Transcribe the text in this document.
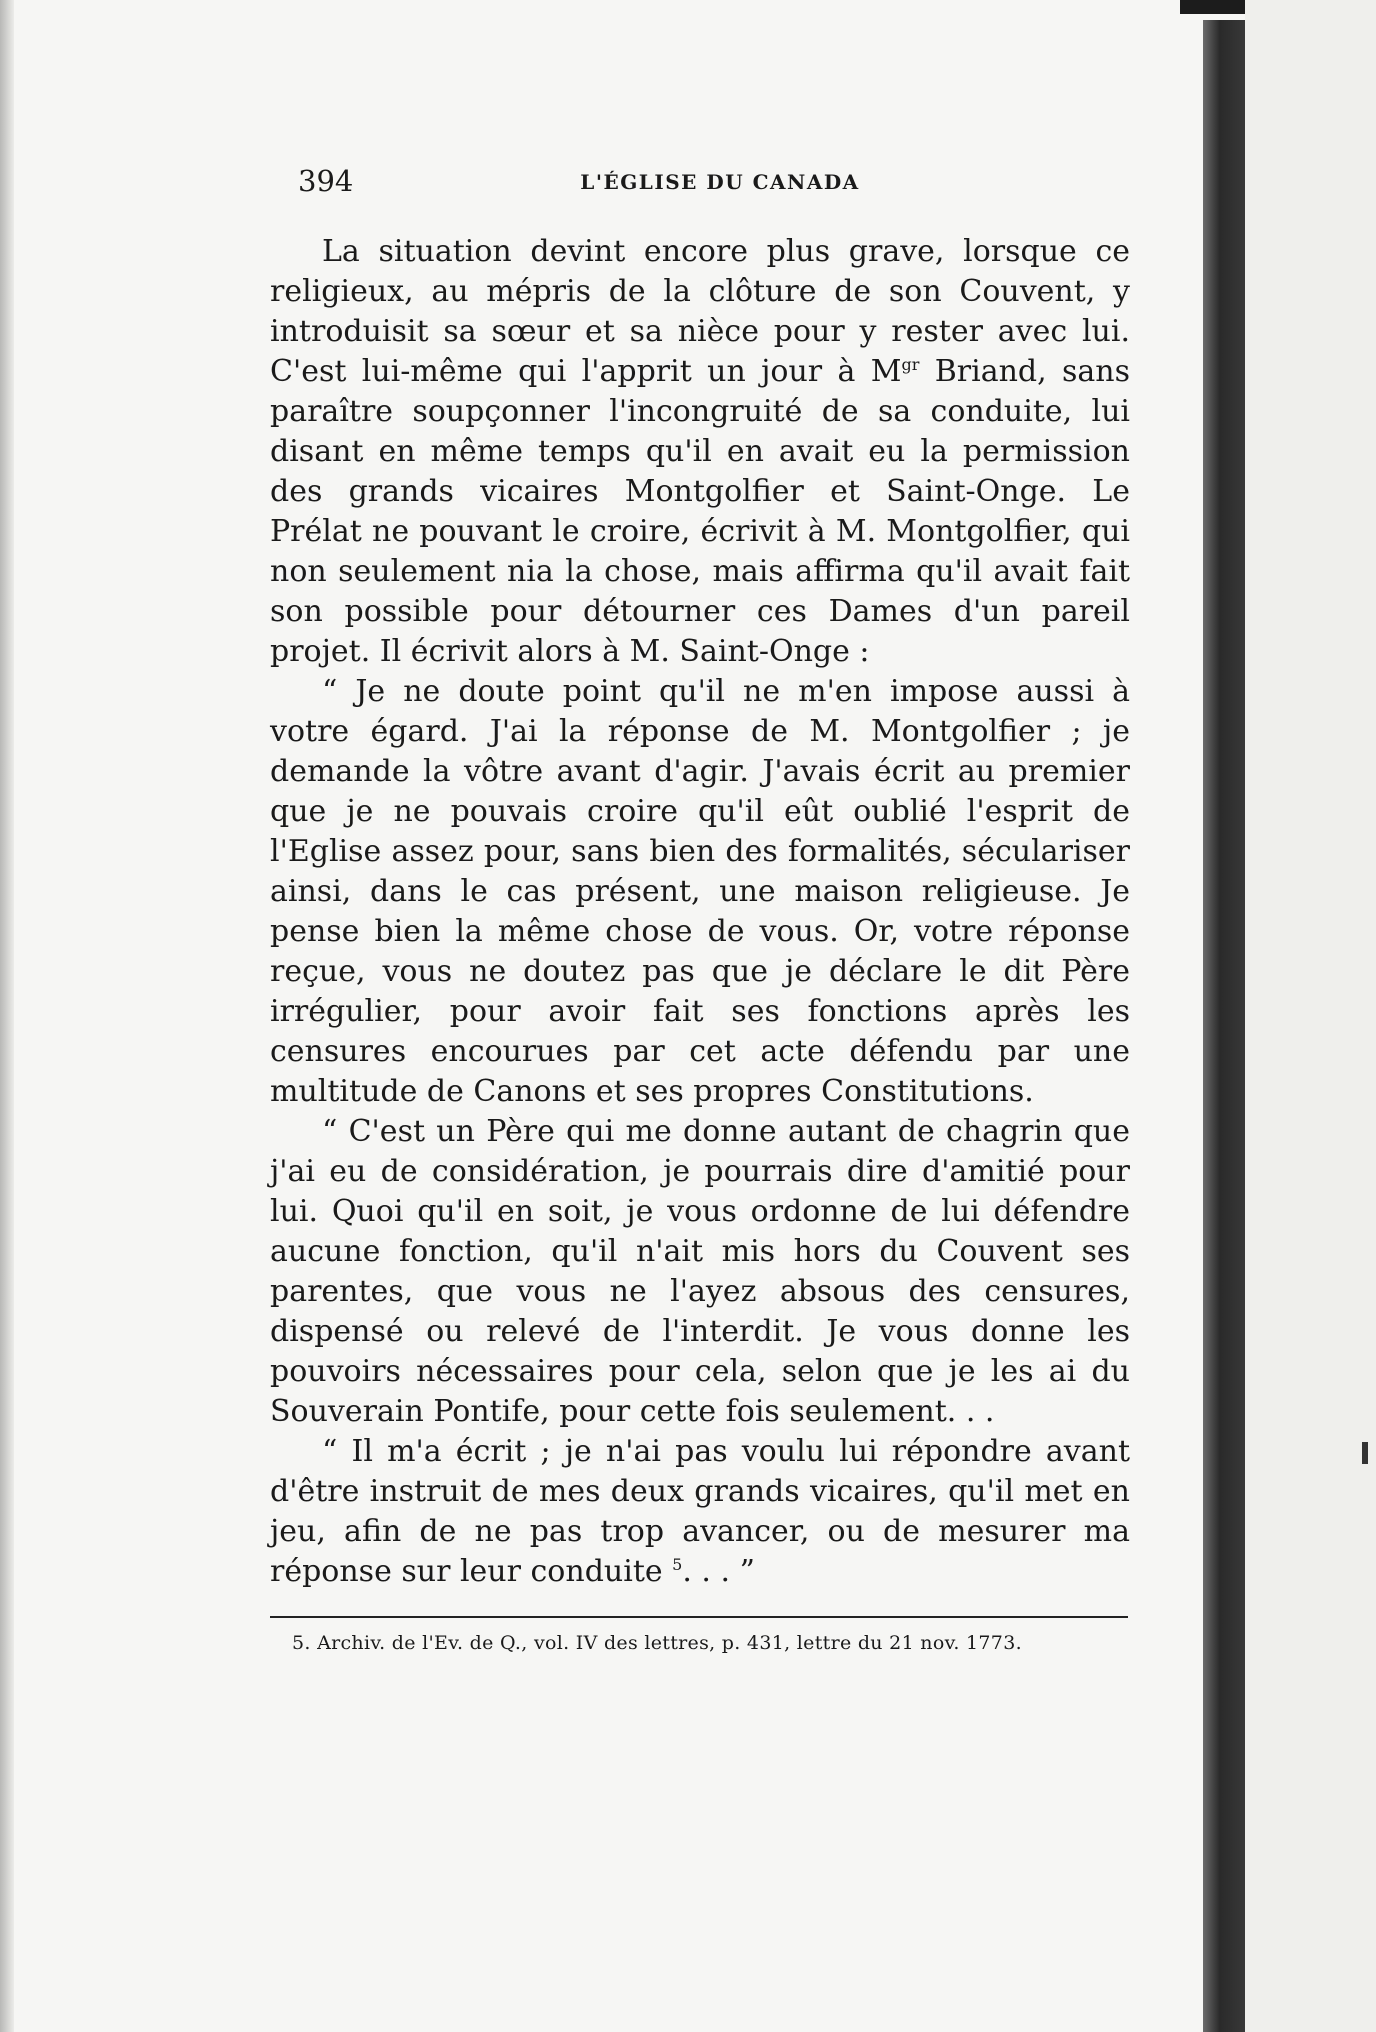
394	L'ÉGLISE DU CANADA

La situation devint encore plus grave, lorsque ce religieux, au mépris de la clôture de son Couvent, y introduisit sa sœur et sa nièce pour y rester avec lui. C'est lui-même qui l'apprit un jour à $M^{gr}$ Briand, sans paraître soupçonner l'incongruité de sa conduite, lui disant en même temps qu'il en avait eu la permission des grands vicaires Montgolfier et Saint-Onge. Le Prélat ne pouvant le croire, écrivit à M. Montgolfier, qui non seulement nia la chose, mais affirma qu'il avait fait son possible pour détourner ces Dames d'un pareil projet. Il écrivit alors à M. Saint-Onge :

“ Je ne doute point qu'il ne m'en impose aussi à votre égard. J'ai la réponse de M. Montgolfier ; je demande la vôtre avant d'agir. J'avais écrit au premier que je ne pouvais croire qu'il eût oublié l'esprit de l'Eglise assez pour, sans bien des formalités, séculariser ainsi, dans le cas présent, une maison religieuse. Je pense bien la même chose de vous. Or, votre réponse reçue, vous ne doutez pas que je déclare le dit Père irrégulier, pour avoir fait ses fonctions après les censures encourues par cet acte défendu par une multitude de Canons et ses propres Constitutions.

“ C'est un Père qui me donne autant de chagrin que j'ai eu de considération, je pourrais dire d'amitié pour lui. Quoi qu'il en soit, je vous ordonne de lui défendre aucune fonction, qu'il n'ait mis hors du Couvent ses parentes, que vous ne l'ayez absous des censures, dispensé ou relevé de l'interdit. Je vous donne les pouvoirs nécessaires pour cela, selon que je les ai du Souverain Pontife, pour cette fois seulement. . .

“ Il m'a écrit ; je n'ai pas voulu lui répondre avant d'être instruit de mes deux grands vicaires, qu'il met en jeu, afin de ne pas trop avancer, ou de mesurer ma réponse sur leur conduite $^5$. . . ”

5. Archiv. de l'Ev. de Q., vol. IV des lettres, p. 431, lettre du 21 nov. 1773.
